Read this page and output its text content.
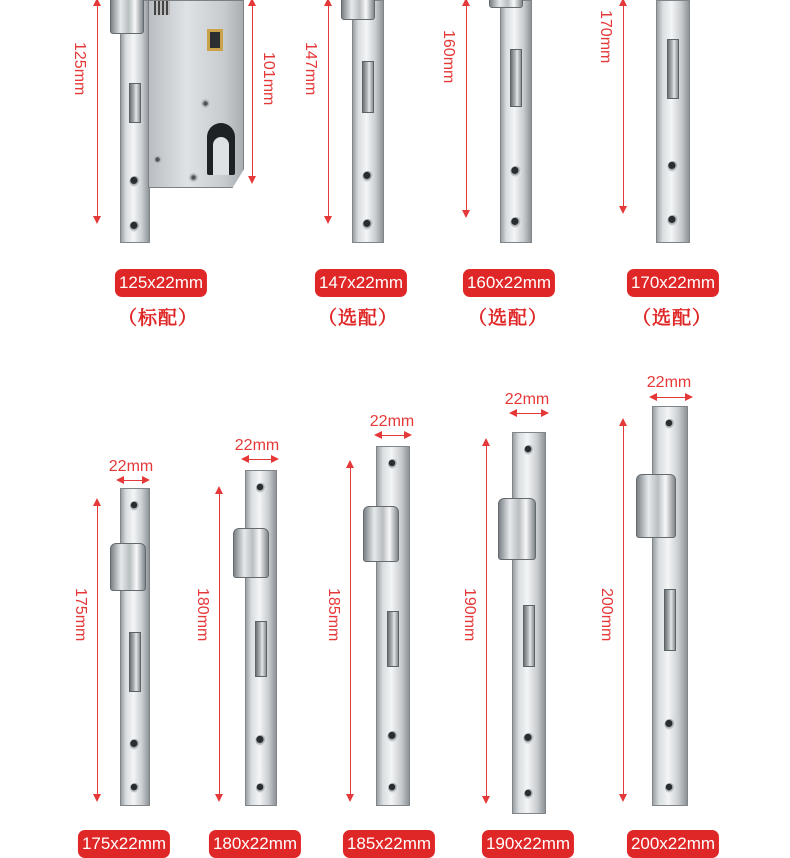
125mm	101mm 147mm	160mm	170mm
125x22mm
（标配）
147x22mm
（选配）
160x22mm
（选配）
170x22mm
（选配）
22mm
175mm
22mm
180mm
22mm
185mm
22mm
190mm
22mm
200mm
175x22mm	180x22mm	185x22mm	190x22mm	200x22mm
